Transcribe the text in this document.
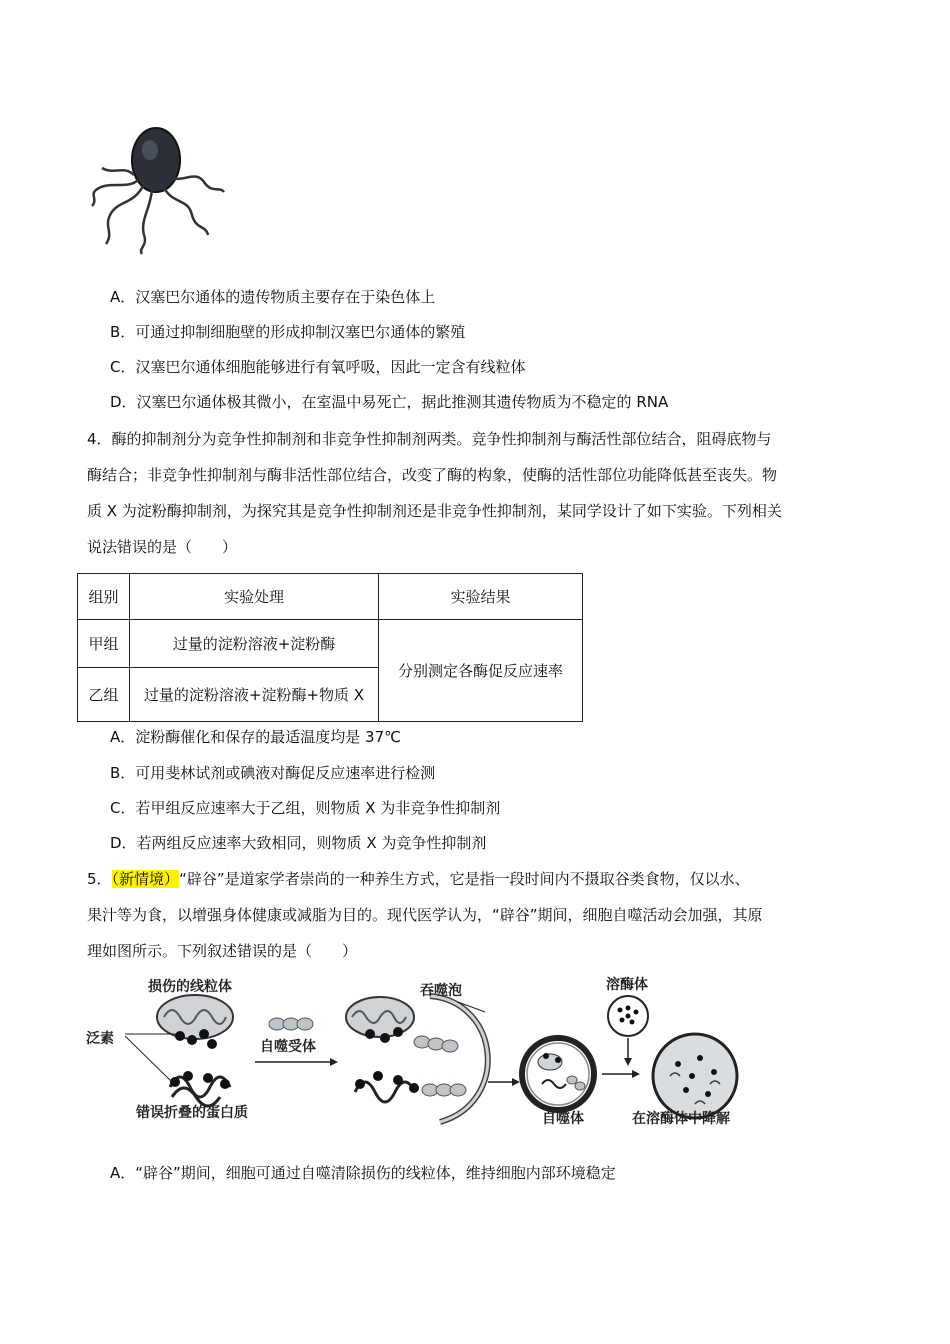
A．汉塞巴尔通体的遗传物质主要存在于染色体上
B．可通过抑制细胞壁的形成抑制汉塞巴尔通体的繁殖
C．汉塞巴尔通体细胞能够进行有氧呼吸，因此一定含有线粒体
D．汉塞巴尔通体极其微小，在室温中易死亡，据此推测其遗传物质为不稳定的 RNA
4．酶的抑制剂分为竞争性抑制剂和非竞争性抑制剂两类。竞争性抑制剂与酶活性部位结合，阻碍底物与
酶结合；非竞争性抑制剂与酶非活性部位结合，改变了酶的构象，使酶的活性部位功能降低甚至丧失。物
质 X 为淀粉酶抑制剂，为探究其是竞争性抑制剂还是非竞争性抑制剂，某同学设计了如下实验。下列相关
说法错误的是（　　）
组别	实验处理	实验结果
甲组	过量的淀粉溶液+淀粉酶	分别测定各酶促反应速率
乙组	过量的淀粉溶液+淀粉酶+物质 X	
A．淀粉酶催化和保存的最适温度均是 37℃
B．可用斐林试剂或碘液对酶促反应速率进行检测
C．若甲组反应速率大于乙组，则物质 X 为非竞争性抑制剂
D．若两组反应速率大致相同，则物质 X 为竞争性抑制剂
5．（新情境）“辟谷”是道家学者崇尚的一种养生方式，它是指一段时间内不摄取谷类食物，仅以水、
果汁等为食，以增强身体健康或减脂为目的。现代医学认为，“辟谷”期间，细胞自噬活动会加强，其原
理如图所示。下列叙述错误的是（　　）
损伤的线粒体
泛素
错误折叠的蛋白质
自噬受体
吞噬泡	溶酶体
自噬体	在溶酶体中降解
A．“辟谷”期间，细胞可通过自噬清除损伤的线粒体，维持细胞内部环境稳定
